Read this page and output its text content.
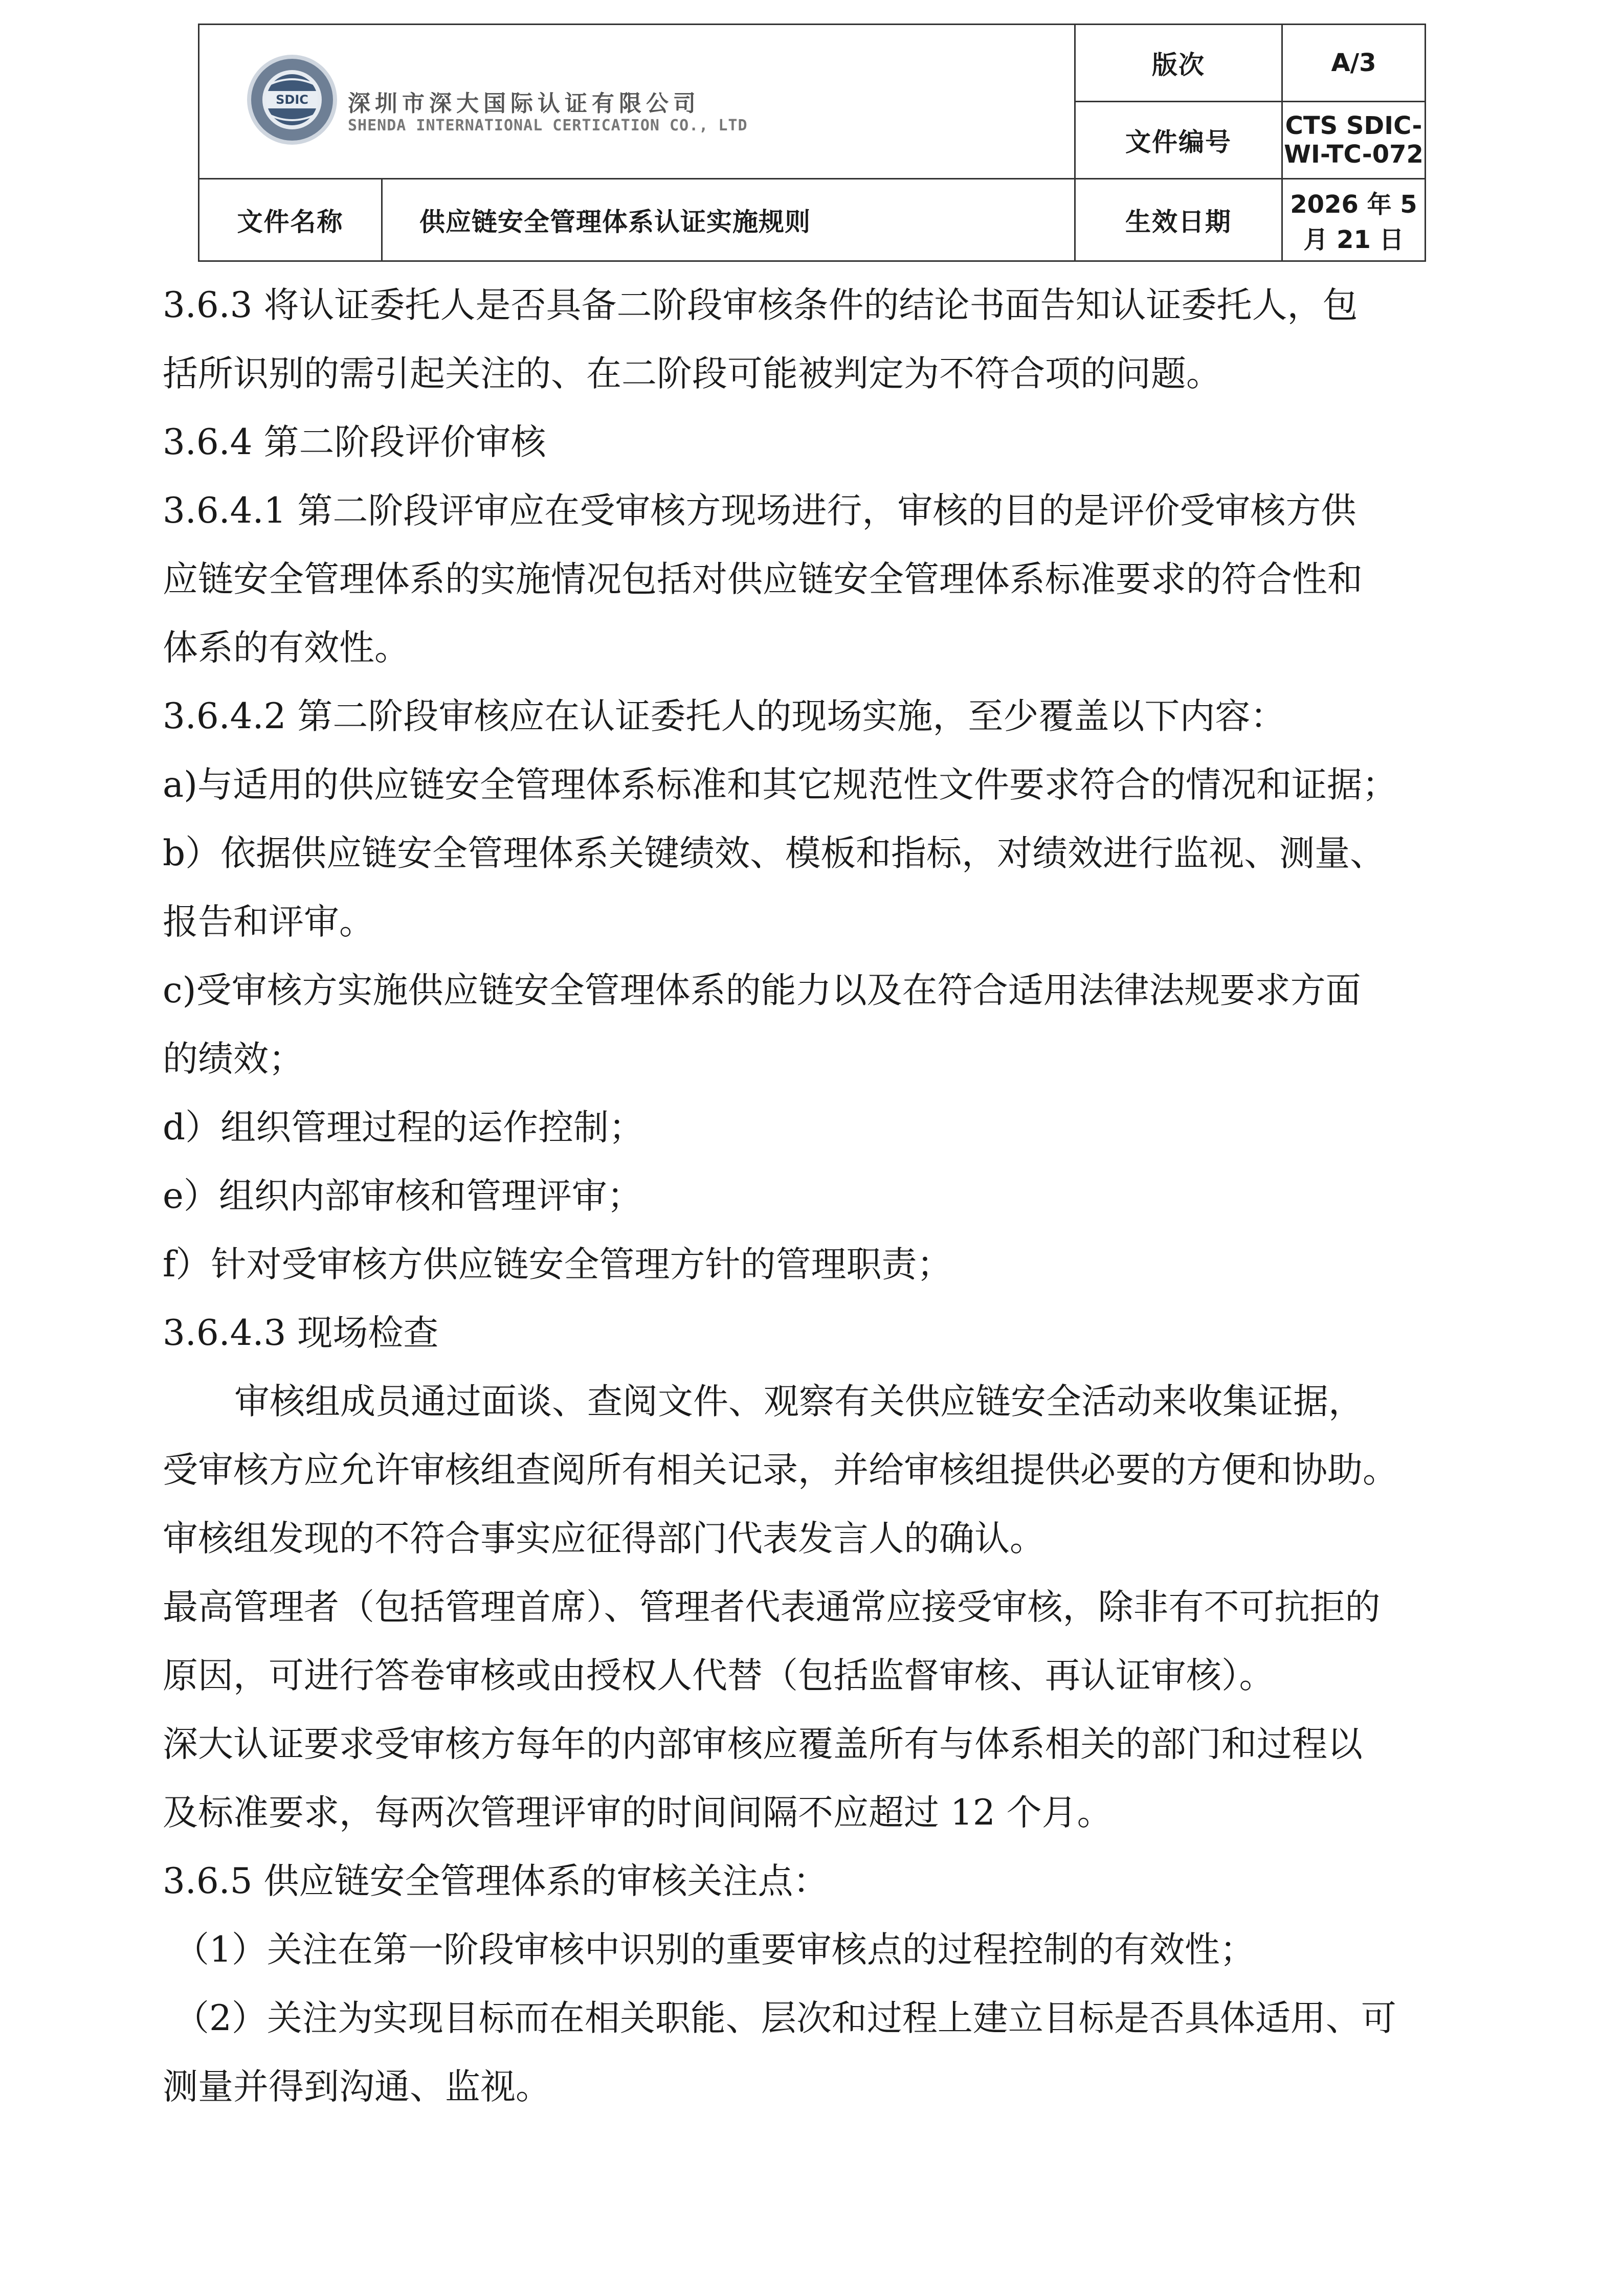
SDIC 深圳市深大国际认证有限公司
SHENDA INTERNATIONAL CERTICATION CO., LTD		版次	A/3
		文件编号	CTS SDIC-WI-TC-072
文件名称	供应链安全管理体系认证实施规则	生效日期	2026 年 5 月 21 日
3.6.3 将认证委托人是否具备二阶段审核条件的结论书面告知认证委托人，包
括所识别的需引起关注的、在二阶段可能被判定为不符合项的问题。
3.6.4 第二阶段评价审核
3.6.4.1 第二阶段评审应在受审核方现场进行，审核的目的是评价受审核方供
应链安全管理体系的实施情况包括对供应链安全管理体系标准要求的符合性和
体系的有效性。
3.6.4.2 第二阶段审核应在认证委托人的现场实施，至少覆盖以下内容：
a)与适用的供应链安全管理体系标准和其它规范性文件要求符合的情况和证据；
b）依据供应链安全管理体系关键绩效、模板和指标，对绩效进行监视、测量、
报告和评审。
c)受审核方实施供应链安全管理体系的能力以及在符合适用法律法规要求方面
的绩效；
d）组织管理过程的运作控制；
e）组织内部审核和管理评审；
f）针对受审核方供应链安全管理方针的管理职责；
3.6.4.3 现场检查
审核组成员通过面谈、查阅文件、观察有关供应链安全活动来收集证据，
受审核方应允许审核组查阅所有相关记录，并给审核组提供必要的方便和协助。
审核组发现的不符合事实应征得部门代表发言人的确认。
最高管理者（包括管理首席）、管理者代表通常应接受审核，除非有不可抗拒的
原因，可进行答卷审核或由授权人代替（包括监督审核、再认证审核）。
深大认证要求受审核方每年的内部审核应覆盖所有与体系相关的部门和过程以
及标准要求，每两次管理评审的时间间隔不应超过 12 个月。
3.6.5 供应链安全管理体系的审核关注点：
（1）关注在第一阶段审核中识别的重要审核点的过程控制的有效性；
（2）关注为实现目标而在相关职能、层次和过程上建立目标是否具体适用、可
测量并得到沟通、监视。
